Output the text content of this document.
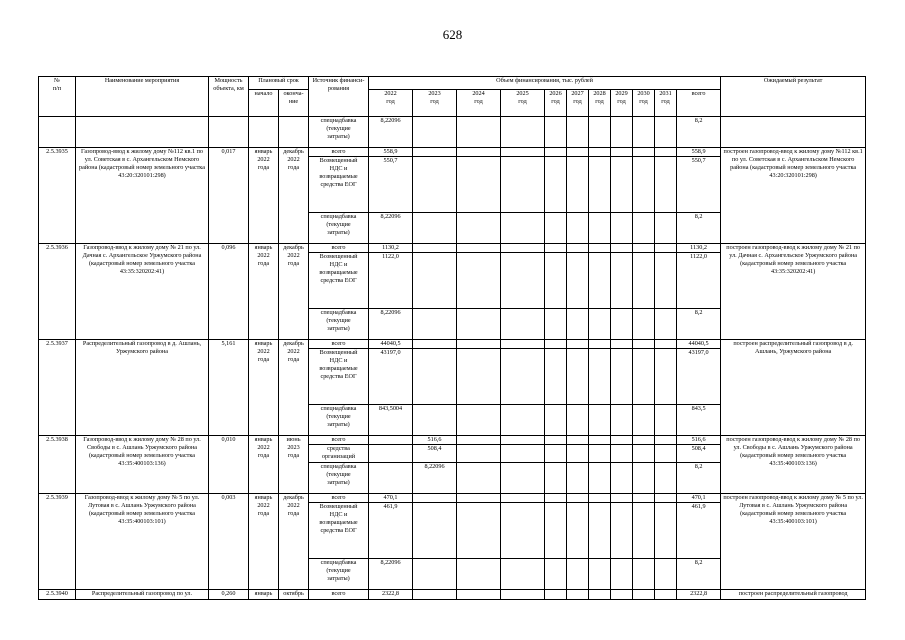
628
№
п/п	Наименование мероприятия	Мощность объекта, км	Плановый срок		Источник финанси-
рования	Объем финансирования, тыс. рублей											Ожидаемый результат
			начало	оконча-
ние		2022
год	2023
год	2024
год	2025
год	2026
год	2027
год	2028
год	2029
год	2030
год	2031
год	всего	
					спецнадбавка
(текущие
затраты)	8,22096										8,2	
2.5.3935	Газопровод-ввод к жилому дому №112 кв.1 по ул. Советская в с. Архангельском Немского района (кадастровый номер земельного участка 43:20:320101:298)	0,017	январь
2022
года	декабрь
2022
года	всего	558,9										558,9	построен газопровод-ввод к жилому дому №112 кв.1 по ул. Советская в с. Архангельском Немского района (кадастровый номер земельного участка 43:20:320101:298)
					Возмещенный
НДС и
возвращаемые
средства ЕОГ	550,7										550,7	
					спецнадбавка
(текущие
затраты)	8,22096										8,2	
2.5.3936	Газопровод-ввод к жилому дому № 21 по ул. Дачная с. Архангельское Уржумского района (кадастровый номер земельного участка 43:35:320202:41)	0,096	январь
2022
года	декабрь
2022
года	всего	1130,2										1130,2	построен газопровод-ввод к жилому дому № 21 по ул. Дачная с. Архангельское Уржумского района (кадастровый номер земельного участка 43:35:320202:41)
					Возмещенный
НДС и
возвращаемые
средства ЕОГ	1122,0										1122,0	
					спецнадбавка
(текущие
затраты)	8,22096										8,2	
2.5.3937	Распределительный газопровод в д. Ашлань, Уржумского района	5,161	январь
2022
года	декабрь
2022
года	всего	44040,5										44040,5	построен распределительный газопровод в д. Ашлань, Уржумского района
					Возмещенный
НДС и
возвращаемые
средства ЕОГ	43197,0										43197,0	
					спецнадбавка
(текущие
затраты)	843,5004										843,5	
2.5.3938	Газопровод-ввод к жилому дому № 28 по ул. Свободы в с. Ашлань Уржумского района (кадастровый номер земельного участка 43:35:400103:136)	0,010	январь
2022
года	июнь
2023
года	всего		516,6									516,6	построен газопровод-ввод к жилому дому № 28 по ул. Свободы в с. Ашлань Уржумского района (кадастровый номер земельного участка 43:35:400103:136)
					средства
организаций		508,4									508,4	
					спецнадбавка
(текущие
затраты)		8,22096									8,2	
2.5.3939	Газопровод-ввод к жилому дому № 5 по ул. Лутовая в с. Ашлань Уржумского района (кадастровый номер земельного участка 43:35:400103:101)	0,003	январь
2022
года	декабрь
2022
года	всего	470,1										470,1	построен газопровод-ввод к жилому дому № 5 по ул. Лутовая в с. Ашлань Уржумского района (кадастровый номер земельного участка 43:35:400103:101)
					Возмещенный
НДС и
возвращаемые
средства ЕОГ	461,9										461,9	
					спецнадбавка
(текущие
затраты)	8,22096										8,2	
2.5.3940	Распределительный газопровод по ул.	0,260	январь	октябрь	всего	2322,8										2322,8	построен распределительный газопровод
